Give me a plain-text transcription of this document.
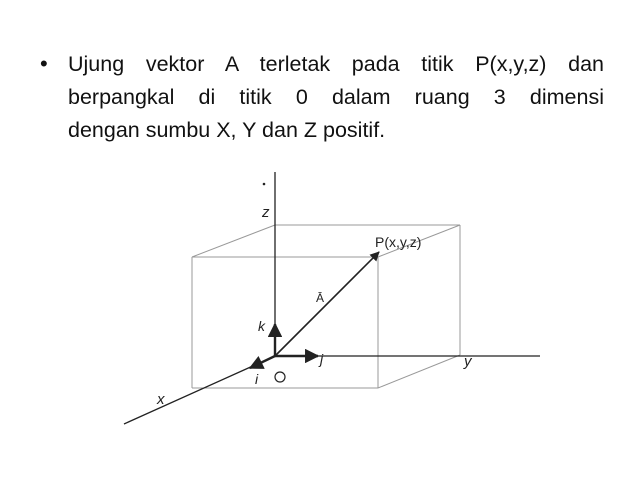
• Ujung vektor A terletak pada titik P(x,y,z) dan
berpangkal di titik 0 dalam ruang 3 dimensi
dengan sumbu X, Y dan Z positif.
z
y
x
P(x,y,z)
Ā
i
j
k
